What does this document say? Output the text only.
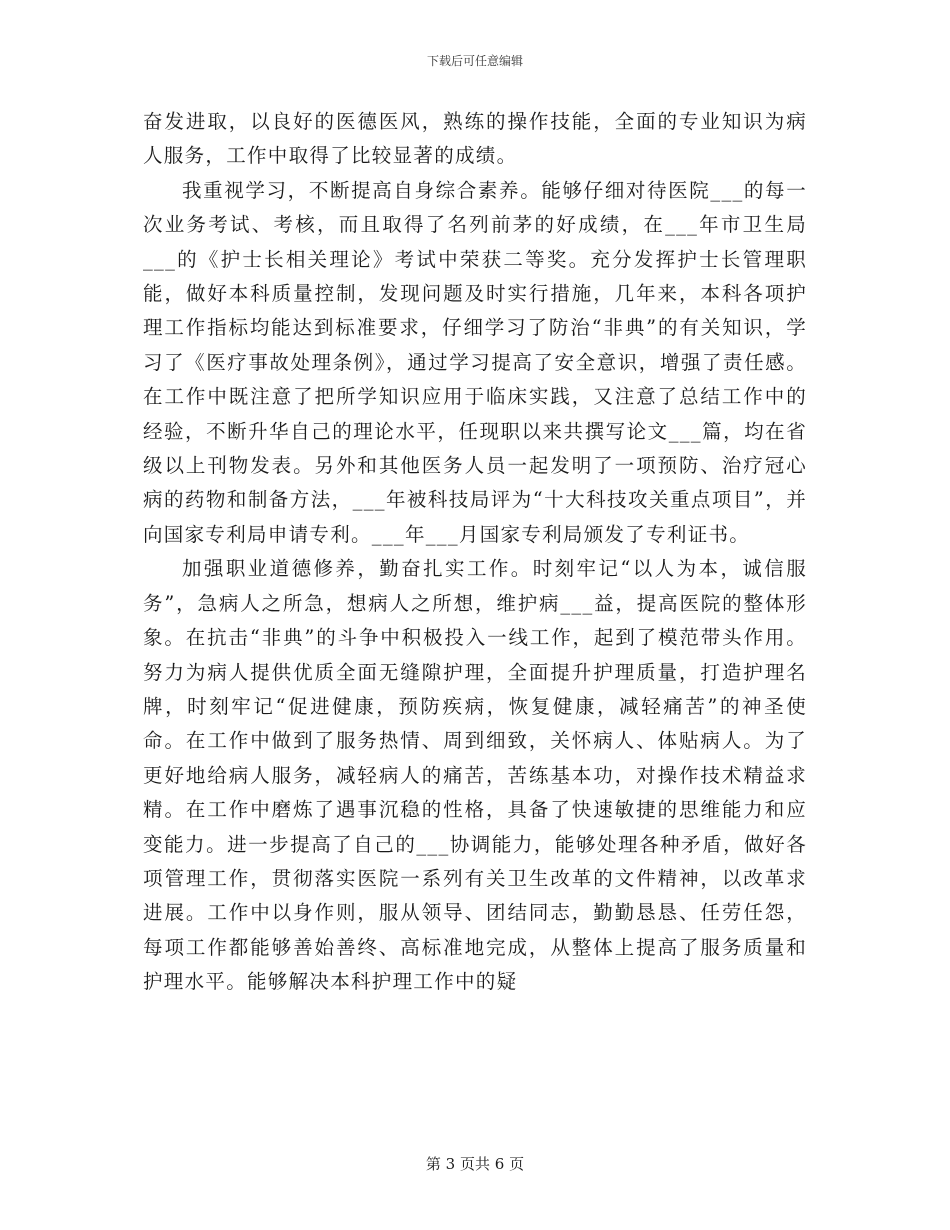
下载后可任意编辑

奋发进取，以良好的医德医风，熟练的操作技能，全面的专业知识为病人服务，工作中取得了比较显著的成绩。

我重视学习，不断提高自身综合素养。能够仔细对待医院___的每一次业务考试、考核，而且取得了名列前茅的好成绩，在___年市卫生局___的《护士长相关理论》考试中荣获二等奖。充分发挥护士长管理职能，做好本科质量控制，发现问题及时实行措施，几年来，本科各项护理工作指标均能达到标准要求，仔细学习了防治“非典”的有关知识，学习了《医疗事故处理条例》，通过学习提高了安全意识，增强了责任感。在工作中既注意了把所学知识应用于临床实践，又注意了总结工作中的经验，不断升华自己的理论水平，任现职以来共撰写论文___篇，均在省级以上刊物发表。另外和其他医务人员一起发明了一项预防、治疗冠心病的药物和制备方法，___年被科技局评为“十大科技攻关重点项目”，并向国家专利局申请专利。___年___月国家专利局颁发了专利证书。

加强职业道德修养，勤奋扎实工作。时刻牢记“以人为本，诚信服务”，急病人之所急，想病人之所想，维护病___益，提高医院的整体形象。在抗击“非典”的斗争中积极投入一线工作，起到了模范带头作用。努力为病人提供优质全面无缝隙护理，全面提升护理质量，打造护理名牌，时刻牢记“促进健康，预防疾病，恢复健康，减轻痛苦”的神圣使命。在工作中做到了服务热情、周到细致，关怀病人、体贴病人。为了更好地给病人服务，减轻病人的痛苦，苦练基本功，对操作技术精益求精。在工作中磨炼了遇事沉稳的性格，具备了快速敏捷的思维能力和应变能力。进一步提高了自己的___协调能力，能够处理各种矛盾，做好各项管理工作，贯彻落实医院一系列有关卫生改革的文件精神，以改革求进展。工作中以身作则，服从领导、团结同志，勤勤恳恳、任劳任怨，每项工作都能够善始善终、高标准地完成，从整体上提高了服务质量和护理水平。能够解决本科护理工作中的疑

第 3 页共 6 页
